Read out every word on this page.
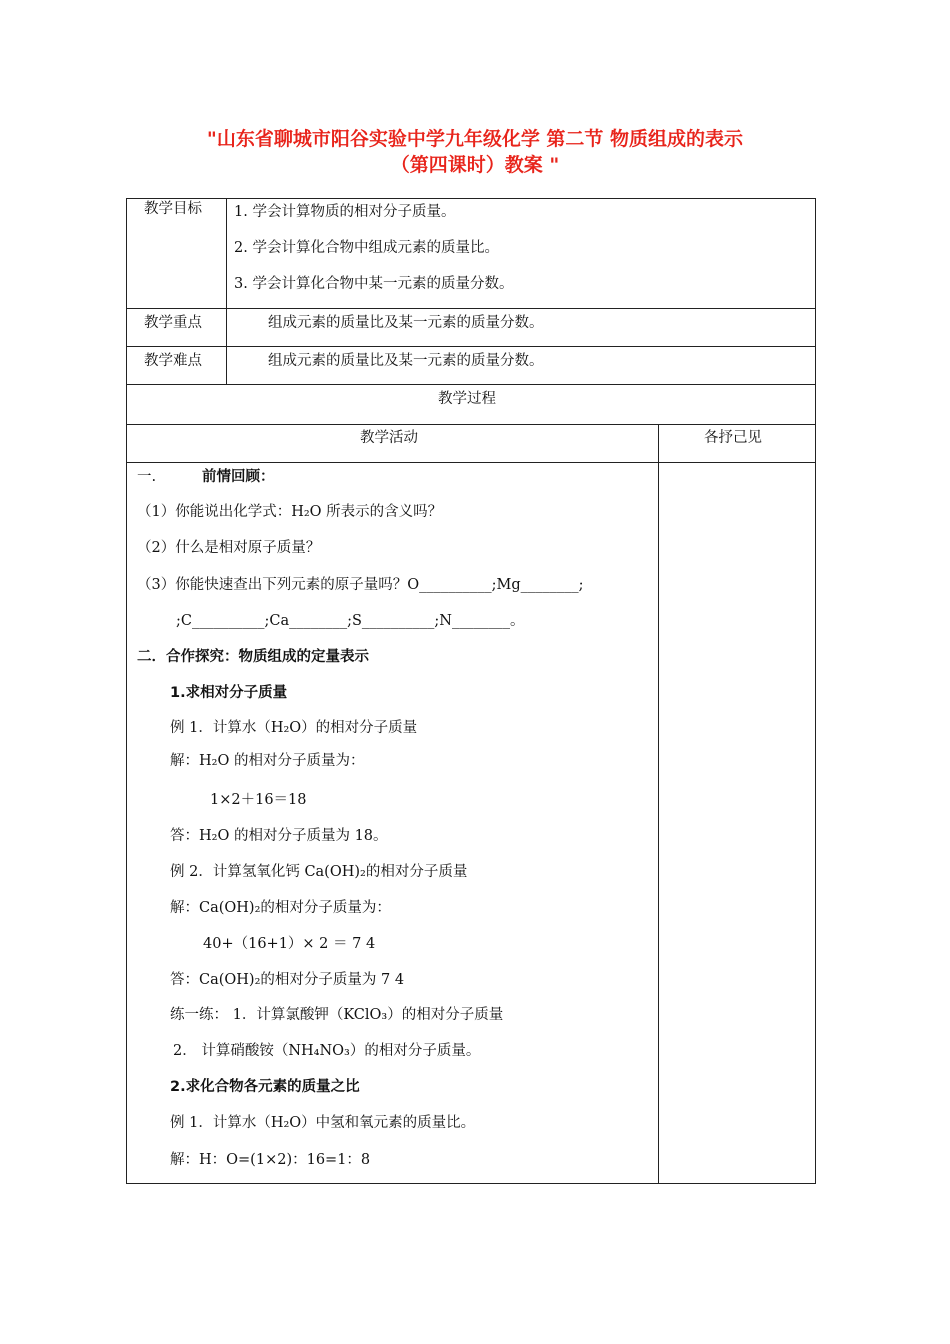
"山东省聊城市阳谷实验中学九年级化学 第二节 物质组成的表示
（第四课时）教案 "
教学目标 1. 学会计算物质的相对分子质量。
2. 学会计算化合物中组成元素的质量比。
3. 学会计算化合物中某一元素的质量分数。
教学重点	组成元素的质量比及某一元素的质量分数。
教学难点	组成元素的质量比及某一元素的质量分数。
教学过程
教学活动	各抒己见
一.	前情回顾：
（1）你能说出化学式：H₂O 所表示的含义吗？
（2）什么是相对原子质量？
（3）你能快速查出下列元素的原子量吗？O__________;Mg________;
;C__________;Ca________;S__________;N________。
二．合作探究：物质组成的定量表示
1.求相对分子质量
例 1．计算水（H₂O）的相对分子质量
解：H₂O 的相对分子质量为：
1×2＋16＝18
答：H₂O 的相对分子质量为 18。
例 2．计算氢氧化钙 Ca(OH)₂的相对分子质量
解：Ca(OH)₂的相对分子质量为：
40+（16+1）× 2 ＝ 7 4
答：Ca(OH)₂的相对分子质量为 7 4
练一练： 1．计算氯酸钾（KClO₃）的相对分子质量
2． 计算硝酸铵（NH₄NO₃）的相对分子质量。
2.求化合物各元素的质量之比
例 1．计算水（H₂O）中氢和氧元素的质量比。
解：H：O=(1×2)：16=1：8
